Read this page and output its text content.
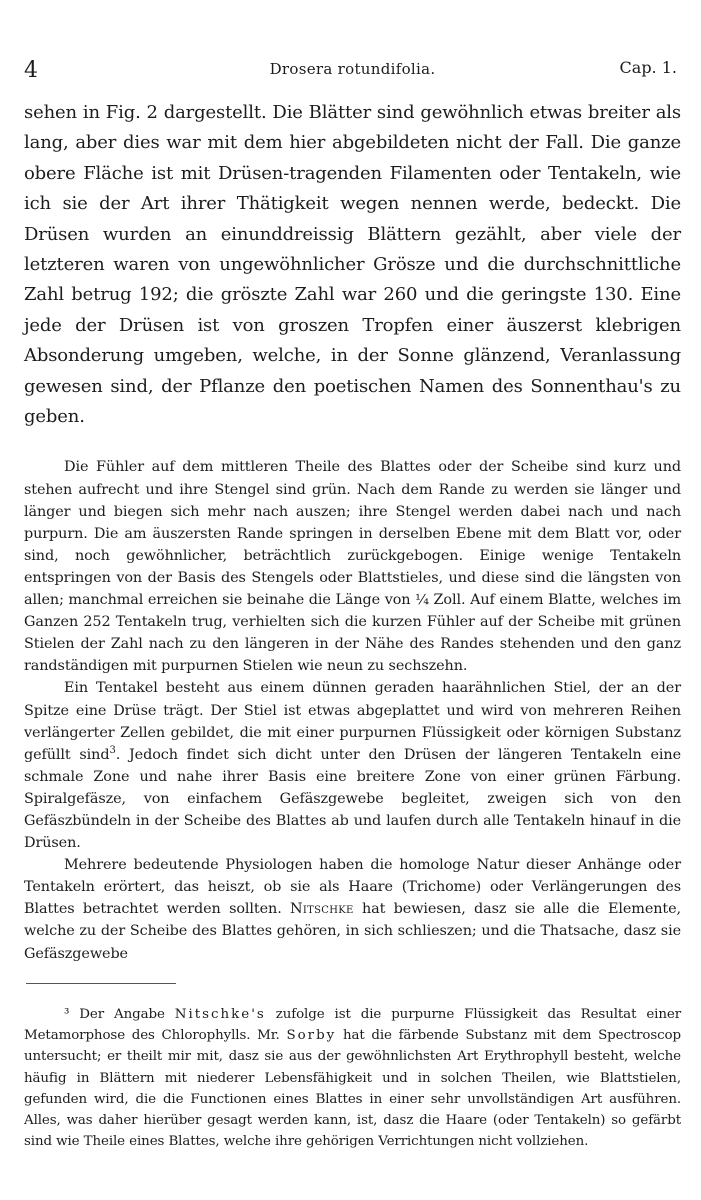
4	Drosera rotundifolia.	Cap. 1.

sehen in Fig. 2 dargestellt. Die Blätter sind gewöhnlich etwas breiter als lang, aber dies war mit dem hier abgebildeten nicht der Fall. Die ganze obere Fläche ist mit Drüsen-tragenden Filamenten oder Tentakeln, wie ich sie der Art ihrer Thätigkeit wegen nennen werde, bedeckt. Die Drüsen wurden an einunddreissig Blättern gezählt, aber viele der letzteren waren von ungewöhnlicher Grösze und die durchschnittliche Zahl betrug 192; die gröszte Zahl war 260 und die geringste 130. Eine jede der Drüsen ist von groszen Tropfen einer äuszerst klebrigen Absonderung umgeben, welche, in der Sonne glänzend, Veranlassung gewesen sind, der Pflanze den poetischen Namen des Sonnenthau's zu geben.

Die Fühler auf dem mittleren Theile des Blattes oder der Scheibe sind kurz und stehen aufrecht und ihre Stengel sind grün. Nach dem Rande zu werden sie länger und länger und biegen sich mehr nach auszen; ihre Stengel werden dabei nach und nach purpurn. Die am äuszersten Rande springen in derselben Ebene mit dem Blatt vor, oder sind, noch gewöhnlicher, beträchtlich zurückgebogen. Einige wenige Tentakeln entspringen von der Basis des Stengels oder Blattstieles, und diese sind die längsten von allen; manchmal erreichen sie beinahe die Länge von ¼ Zoll. Auf einem Blatte, welches im Ganzen 252 Tentakeln trug, verhielten sich die kurzen Fühler auf der Scheibe mit grünen Stielen der Zahl nach zu den längeren in der Nähe des Randes stehenden und den ganz randständigen mit purpurnen Stielen wie neun zu sechszehn.

Ein Tentakel besteht aus einem dünnen geraden haarähnlichen Stiel, der an der Spitze eine Drüse trägt. Der Stiel ist etwas abgeplattet und wird von mehreren Reihen verlängerter Zellen gebildet, die mit einer purpurnen Flüssigkeit oder körnigen Substanz gefüllt sind$^3$. Jedoch findet sich dicht unter den Drüsen der längeren Tentakeln eine schmale Zone und nahe ihrer Basis eine breitere Zone von einer grünen Färbung. Spiralgefäsze, von einfachem Gefäszgewebe begleitet, zweigen sich von den Gefäszbündeln in der Scheibe des Blattes ab und laufen durch alle Tentakeln hinauf in die Drüsen.

Mehrere bedeutende Physiologen haben die homologe Natur dieser Anhänge oder Tentakeln erörtert, das heiszt, ob sie als Haare (Trichome) oder Verlängerungen des Blattes betrachtet werden sollten. Nitschke hat bewiesen, dasz sie alle die Elemente, welche zu der Scheibe des Blattes gehören, in sich schlieszen; und die Thatsache, dasz sie Gefäszgewebe

³ Der Angabe Nitschke's zufolge ist die purpurne Flüssigkeit das Resultat einer Metamorphose des Chlorophylls. Mr. Sorby hat die färbende Substanz mit dem Spectroscop untersucht; er theilt mir mit, dasz sie aus der gewöhnlichsten Art Erythrophyll besteht, welche häufig in Blättern mit niederer Lebensfähigkeit und in solchen Theilen, wie Blattstielen, gefunden wird, die die Functionen eines Blattes in einer sehr unvollständigen Art ausführen. Alles, was daher hierüber gesagt werden kann, ist, dasz die Haare (oder Tentakeln) so gefärbt sind wie Theile eines Blattes, welche ihre gehörigen Verrichtungen nicht vollziehen.
